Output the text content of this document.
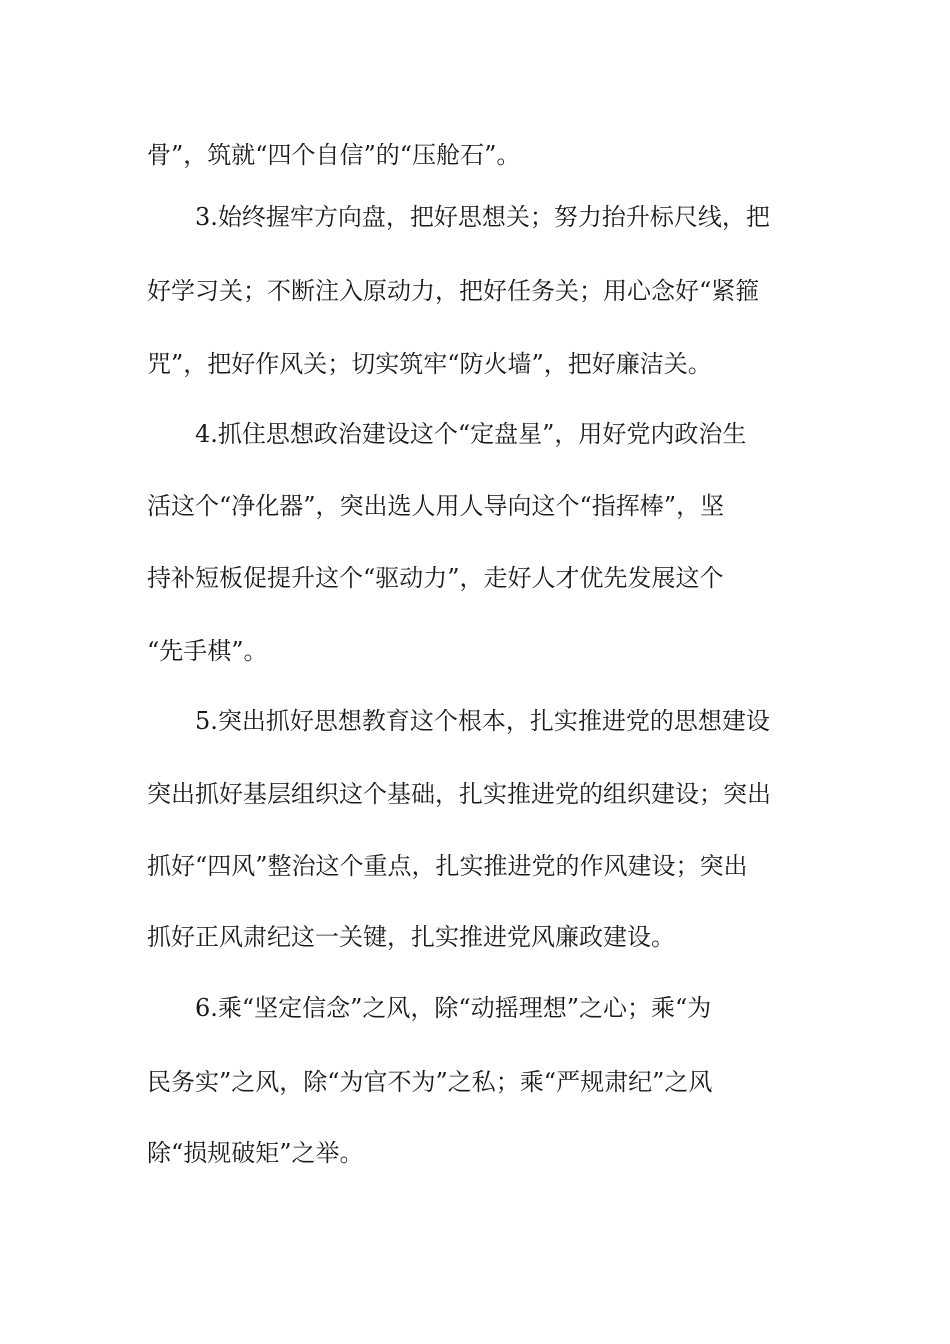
骨”，筑就“四个自信”的“压舱石”。
3.始终握牢方向盘，把好思想关；努力抬升标尺线，把
好学习关；不断注入原动力，把好任务关；用心念好“紧箍
咒”，把好作风关；切实筑牢“防火墙”，把好廉洁关。
4.抓住思想政治建设这个“定盘星”，用好党内政治生
活这个“净化器”，突出选人用人导向这个“指挥棒”，坚
持补短板促提升这个“驱动力”，走好人才优先发展这个
“先手棋”。
5.突出抓好思想教育这个根本，扎实推进党的思想建设
突出抓好基层组织这个基础，扎实推进党的组织建设；突出
抓好“四风”整治这个重点，扎实推进党的作风建设；突出
抓好正风肃纪这一关键，扎实推进党风廉政建设。
6.乘“坚定信念”之风，除“动摇理想”之心；乘“为
民务实”之风，除“为官不为”之私；乘“严规肃纪”之风
除“损规破矩”之举。
